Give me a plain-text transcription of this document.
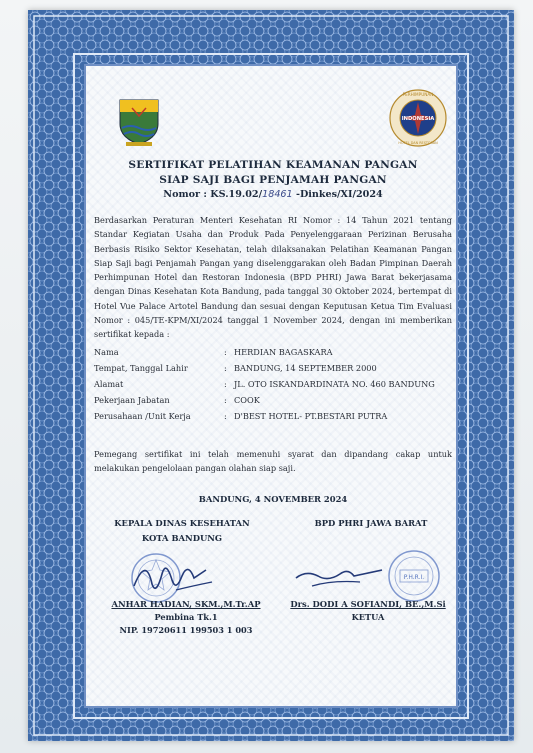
INDONESIA
PERHIMPUNAN
HOTEL DAN RESTORAN
SERTIFIKAT PELATIHAN KEAMANAN PANGAN
SIAP SAJI BAGI PENJAMAH PANGAN
Nomor : KS.19.02/18461 -Dinkes/XI/2024
Berdasarkan Peraturan Menteri Kesehatan RI Nomor : 14 Tahun 2021 tentang Standar Kegiatan Usaha dan Produk Pada Penyelenggaraan Perizinan Berusaha Berbasis Risiko Sektor Kesehatan, telah dilaksanakan Pelatihan Keamanan Pangan Siap Saji bagi Penjamah Pangan yang diselenggarakan oleh Badan Pimpinan Daerah Perhimpunan Hotel dan Restoran Indonesia (BPD PHRI) Jawa Barat bekerjasama dengan Dinas Kesehatan Kota Bandung, pada tanggal 30 Oktober 2024, bertempat di Hotel Vue Palace Artotel Bandung dan sesuai dengan Keputusan Ketua Tim Evaluasi Nomor : 045/TE-KPM/XI/2024 tanggal 1 November 2024, dengan ini memberikan sertifikat kepada :
Nama	: HERDIAN BAGASKARA
Tempat, Tanggal Lahir	: BANDUNG, 14 SEPTEMBER 2000
Alamat	: JL. OTO ISKANDARDINATA NO. 460 BANDUNG
Pekerjaan Jabatan	: COOK
Perusahaan /Unit Kerja	: D'BEST HOTEL- PT.BESTARI PUTRA
Pemegang sertifikat ini telah memenuhi syarat dan dipandang cakap untuk melakukan pengelolaan pangan olahan siap saji.
BANDUNG, 4 NOVEMBER 2024
KEPALA DINAS KESEHATAN
KOTA BANDUNG
ANHAR HADIAN, SKM.,M.Tr.AP
Pembina Tk.1
NIP. 19720611 199503 1 003
BPD PHRI JAWA BARAT
P.H.R.I.
Drs. DODI A SOFIANDI, BE.,M.Si
KETUA
